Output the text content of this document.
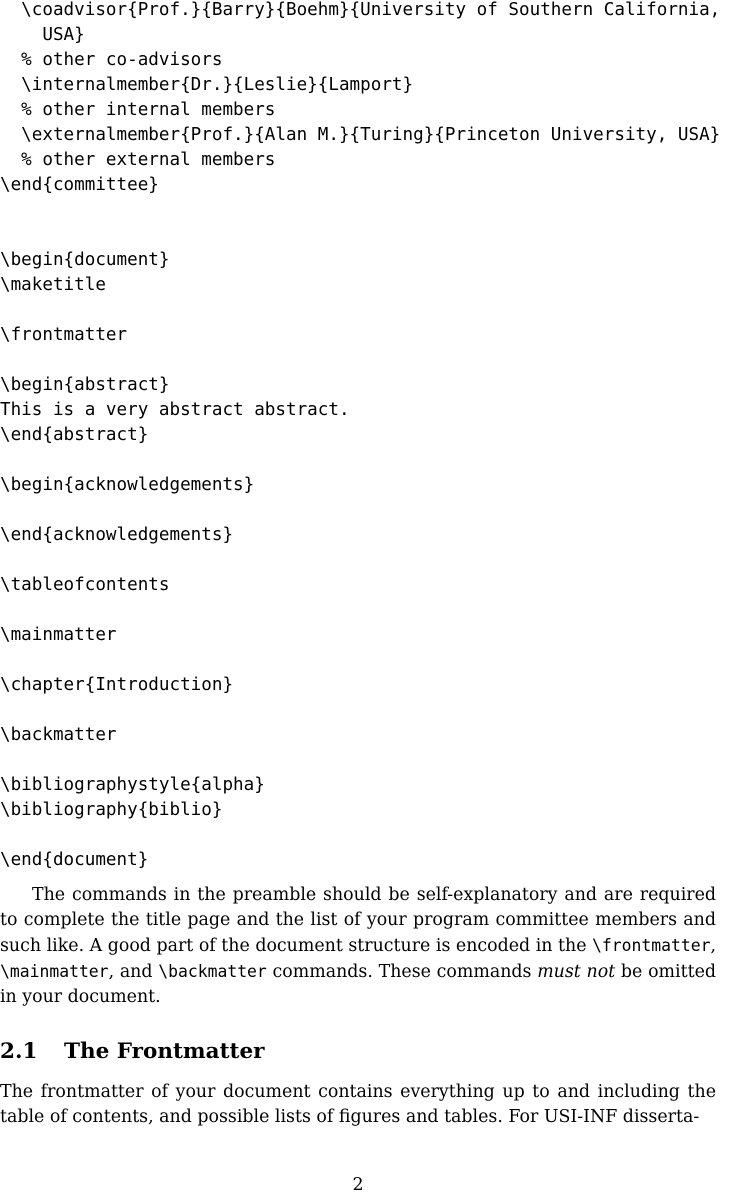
\coadvisor{Prof.}{Barry}{Boehm}{University of Southern California,
USA}
% other co-advisors
\internalmember{Dr.}{Leslie}{Lamport}
% other internal members
\externalmember{Prof.}{Alan M.}{Turing}{Princeton University, USA}
% other external members
\end{committee}
\begin{document}
\maketitle
\frontmatter
\begin{abstract}
This is a very abstract abstract.
\end{abstract}
\begin{acknowledgements}
\end{acknowledgements}
\tableofcontents
\mainmatter
\chapter{Introduction}
\backmatter
\bibliographystyle{alpha}
\bibliography{biblio}
\end{document}
The commands in the preamble should be self-explanatory and are required to complete the title page and the list of your program committee members and such like. A good part of the document structure is encoded in the \frontmatter, \mainmatter, and \backmatter commands. These commands must not be omitted in your document.
2.1 The Frontmatter
The frontmatter of your document contains everything up to and including the table of contents, and possible lists of figures and tables. For USI-INF disserta-
2
